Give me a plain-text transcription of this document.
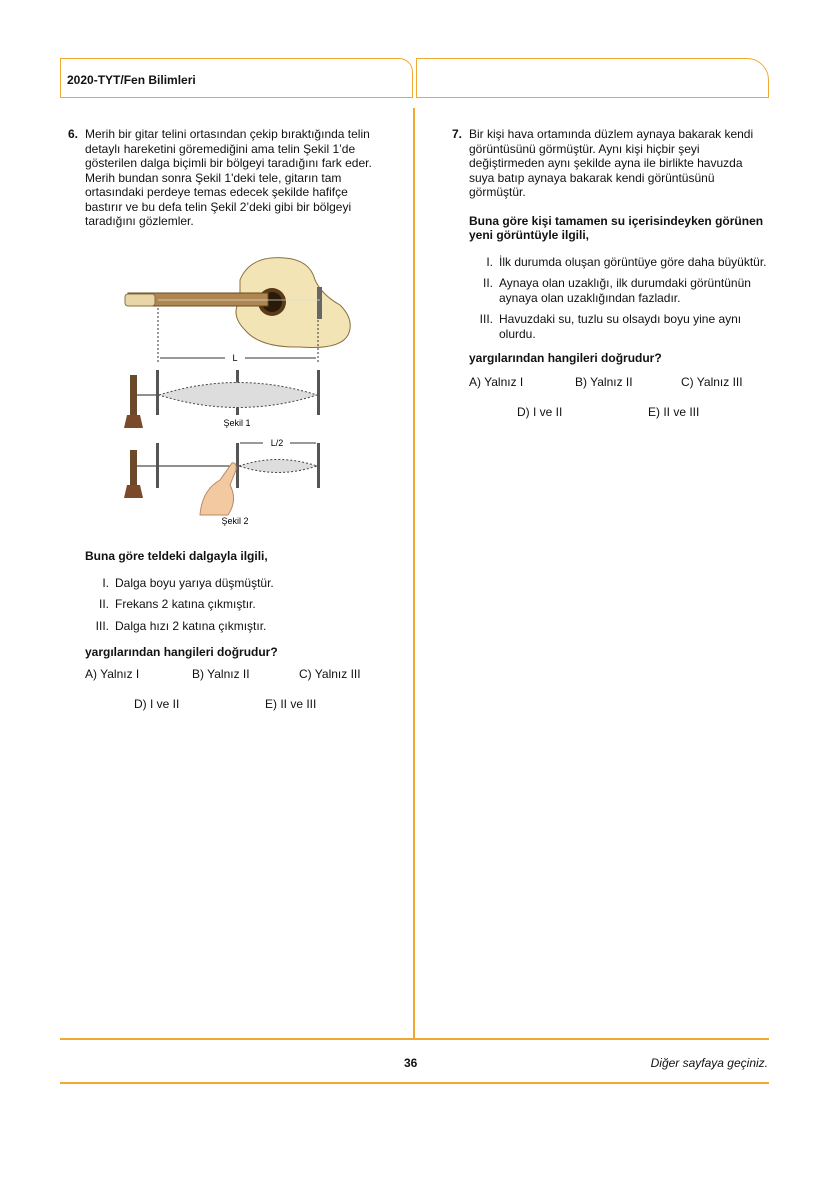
2020-TYT/Fen Bilimleri
6. Merih bir gitar telini ortasından çekip bıraktığında telin

detaylı hareketini göremediğini ama telin Şekil 1’de

gösterilen dalga biçimli bir bölgeyi taradığını fark eder.

Merih bundan sonra Şekil 1'deki tele, gitarın tam

ortasındaki perdeye temas edecek şekilde hafifçe

bastırır ve bu defa telin Şekil 2’deki gibi bir bölgeyi

taradığını gözlemler.

L
Şekil 1
L/2
Şekil 2

Buna göre teldeki dalgayla ilgili,

I. Dalga boyu yarıya düşmüştür.
II. Frekans 2 katına çıkmıştır.
III. Dalga hızı 2 katına çıkmıştır.

yargılarından hangileri doğrudur?

A) Yalnız I	B) Yalnız II	C) Yalnız III
D) I ve II	E) II ve III
7. Bir kişi hava ortamında düzlem aynaya bakarak kendi

görüntüsünü görmüştür. Aynı kişi hiçbir şeyi

değiştirmeden aynı şekilde ayna ile birlikte havuzda

suya batıp aynaya bakarak kendi görüntüsünü

görmüştür.

Buna göre kişi tamamen su içerisindeyken görünen

yeni görüntüyle ilgili,

I. İlk durumda oluşan görüntüye göre daha büyüktür.
II. Aynaya olan uzaklığı, ilk durumdaki görüntünün
aynaya olan uzaklığından fazladır.
III. Havuzdaki su, tuzlu su olsaydı boyu yine aynı
olurdu.

yargılarından hangileri doğrudur?

A) Yalnız I	B) Yalnız II	C) Yalnız III
D) I ve II	E) II ve III
36	Diğer sayfaya geçiniz.
